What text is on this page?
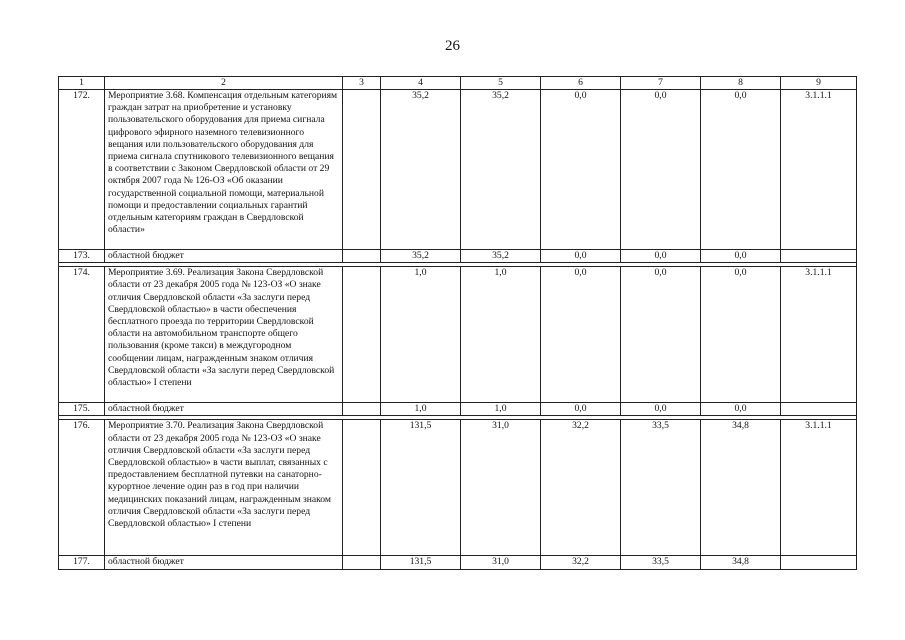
26
1	2	3	4	5	6	7	8	9
172.	Мероприятие 3.68. Компенсация отдельным категориям граждан затрат на приобретение и установку пользовательского оборудования для приема сигнала цифрового эфирного наземного телевизионного вещания или пользовательского оборудования для приема сигнала спутникового телевизионного вещания в соответствии с Законом Свердловской области от 29 октября 2007 года № 126-ОЗ «Об оказании государственной социальной помощи, материальной помощи и предоставлении социальных гарантий отдельным категориям граждан в Свердловской области»		35,2	35,2	0,0	0,0	0,0	3.1.1.1
173.	областной бюджет		35,2	35,2	0,0	0,0	0,0	

174.	Мероприятие 3.69. Реализация Закона Свердловской области от 23 декабря 2005 года № 123-ОЗ «О знаке отличия Свердловской области «За заслуги перед Свердловской областью» в части обеспечения бесплатного проезда по территории Свердловской области на автомобильном транспорте общего пользования (кроме такси) в междугородном сообщении лицам, награжденным знаком отличия Свердловской области «За заслуги перед Свердловской областью» I степени		1,0	1,0	0,0	0,0	0,0	3.1.1.1
175.	областной бюджет		1,0	1,0	0,0	0,0	0,0	

176.	Мероприятие 3.70. Реализация Закона Свердловской области от 23 декабря 2005 года № 123-ОЗ «О знаке отличия Свердловской области «За заслуги перед Свердловской областью» в части выплат, связанных с предоставлением бесплатной путевки на санаторно-курортное лечение один раз в год при наличии медицинских показаний лицам, награжденным знаком отличия Свердловской области «За заслуги перед Свердловской областью» I степени		131,5	31,0	32,2	33,5	34,8	3.1.1.1
177.	областной бюджет		131,5	31,0	32,2	33,5	34,8	
